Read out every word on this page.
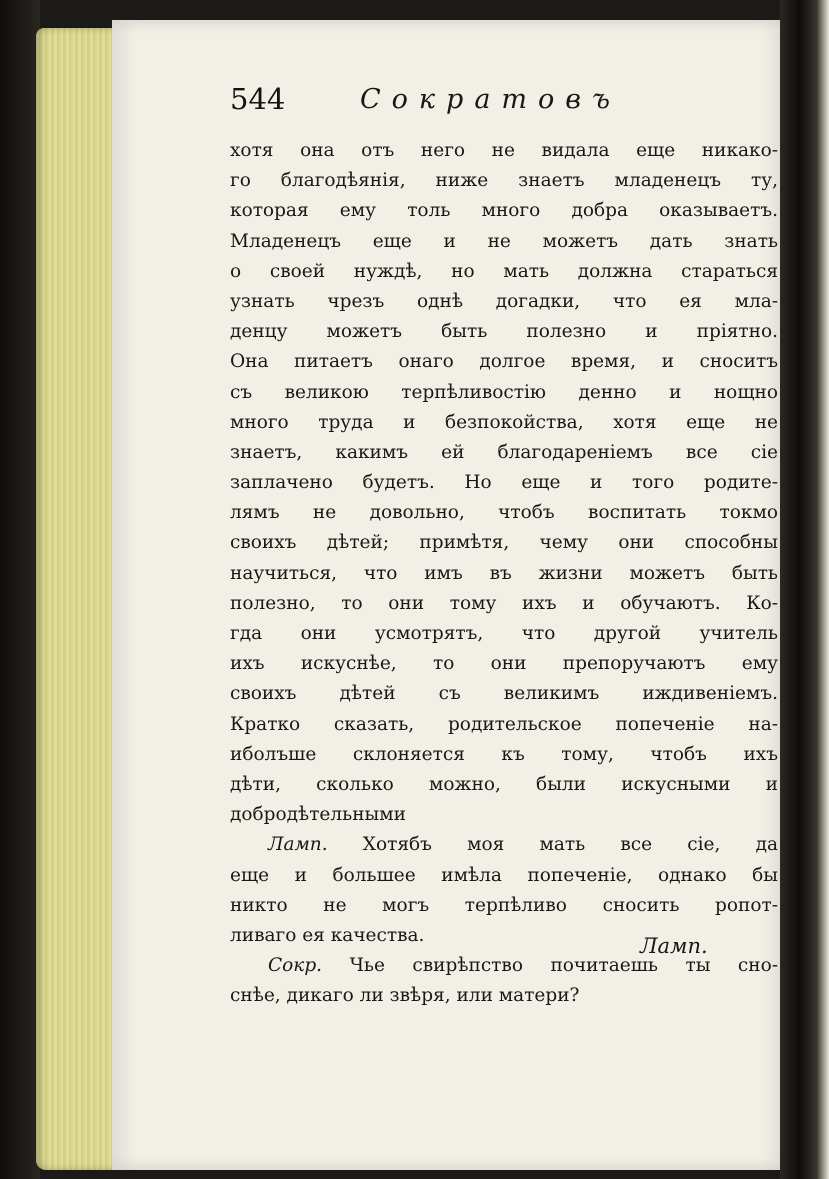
544	Сократовъ
хотя она отъ него не видала еще никако-
го благодѣянія, ниже знаетъ младенецъ ту,
которая ему толь много добра оказываетъ.
Младенецъ еще и не можетъ дать знать
о своей нуждѣ, но мать должна стараться
узнать чрезъ однѣ догадки, что ея мла-
денцу можетъ быть полезно и пріятно.
Она питаетъ онаго долгое время, и сноситъ
съ великою терпѣливостію денно и нощно
много труда и безпокойства, хотя еще не
знаетъ, какимъ ей благодареніемъ все сіе
заплачено будетъ. Но еще и того родите-
лямъ не довольно, чтобъ воспитать токмо
своихъ дѣтей; примѣтя, чему они способны
научиться, что имъ въ жизни можетъ быть
полезно, то они тому ихъ и обучаютъ. Ко-
гда они усмотрятъ, что другой учитель
ихъ искуснѣе, то они препоручаютъ ему
своихъ дѣтей съ великимъ иждивеніемъ.
Кратко сказать, родительское попеченіе на-
иболъше склоняется къ тому, чтобъ ихъ
дѣти, сколько можно, были искусными и
добродѣтельными
Ламп. Хотябъ моя мать все сіе, да
еще и большее имѣла попеченіе, однако бы
никто не могъ терпѣливо сносить ропот-
ливаго ея качества.
Сокр. Чье свирѣпство почитаешь ты сно-
снѣе, дикаго ли звѣря, или матери?
Ламп.
